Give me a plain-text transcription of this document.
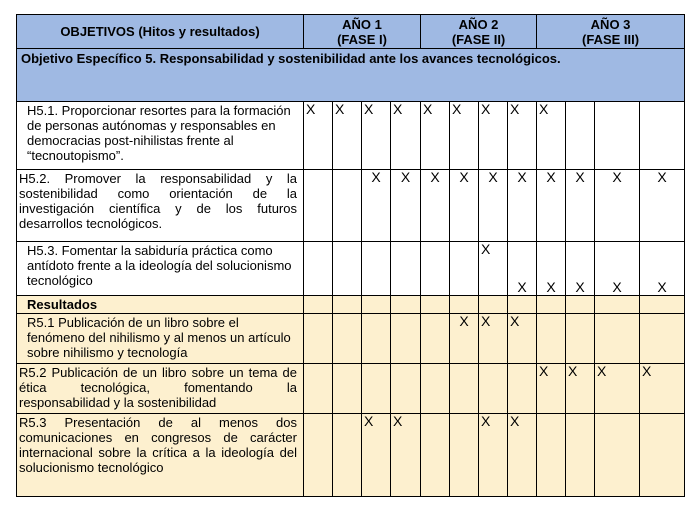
OBJETIVOS (Hitos y resultados)	AÑO 1
(FASE I)				AÑO 2
(FASE II)				AÑO 3
(FASE III)			

Objetivo Específico 5. Responsabilidad y sostenibilidad ante los avances tecnológicos.												
H5.1. Proporcionar resortes para la formación de personas autónomas y responsables en democracias post-nihilistas frente al “tecnoutopismo”.	X	X	X	X	X	X	X	X	X			
H5.2. Promover la responsabilidad y la sostenibilidad como orientación de la investigación científica y de los futuros desarrollos tecnológicos.			X	X	X	X	X	X	X	X	X	X
H5.3. Fomentar la sabiduría práctica como antídoto frente a la ideología del solucionismo tecnológico							X	X	X	X	X	X
Resultados												
R5.1 Publicación de un libro sobre el fenómeno del nihilismo y al menos un artículo sobre nihilismo y tecnología						X	X	X				
R5.2 Publicación de un libro sobre un tema de ética tecnológica, fomentando la responsabilidad y la sostenibilidad									X	X	X	X
R5.3 Presentación de al menos dos comunicaciones en congresos de carácter internacional sobre la crítica a la ideología del solucionismo tecnológico			X	X			X	X				
